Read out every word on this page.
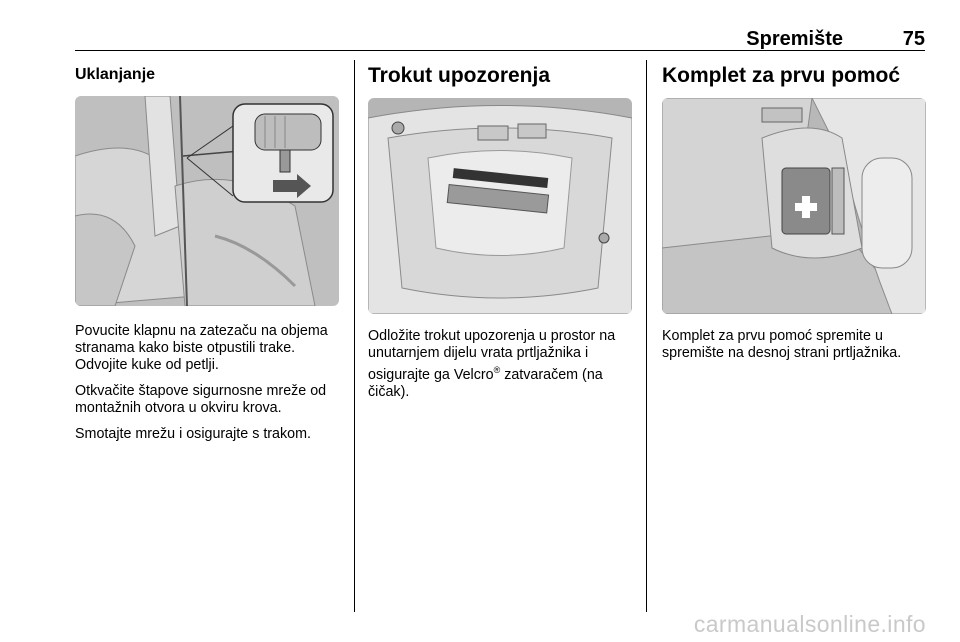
Spremište	75
Uklanjanje

Povucite klapnu na zatezaču na objema stranama kako biste otpustili trake. Odvojite kuke od petlji.

Otkvačite štapove sigurnosne mreže od montažnih otvora u okviru krova.

Smotajte mrežu i osigurajte s trakom.

Trokut upozorenja

Odložite trokut upozorenja u prostor na unutarnjem dijelu vrata prtljažnika i osigurajte ga Velcro® zatvaračem (na čičak).

Komplet za prvu pomoć

Komplet za prvu pomoć spremite u spremište na desnoj strani prtljažnika.

carmanualsonline.info
